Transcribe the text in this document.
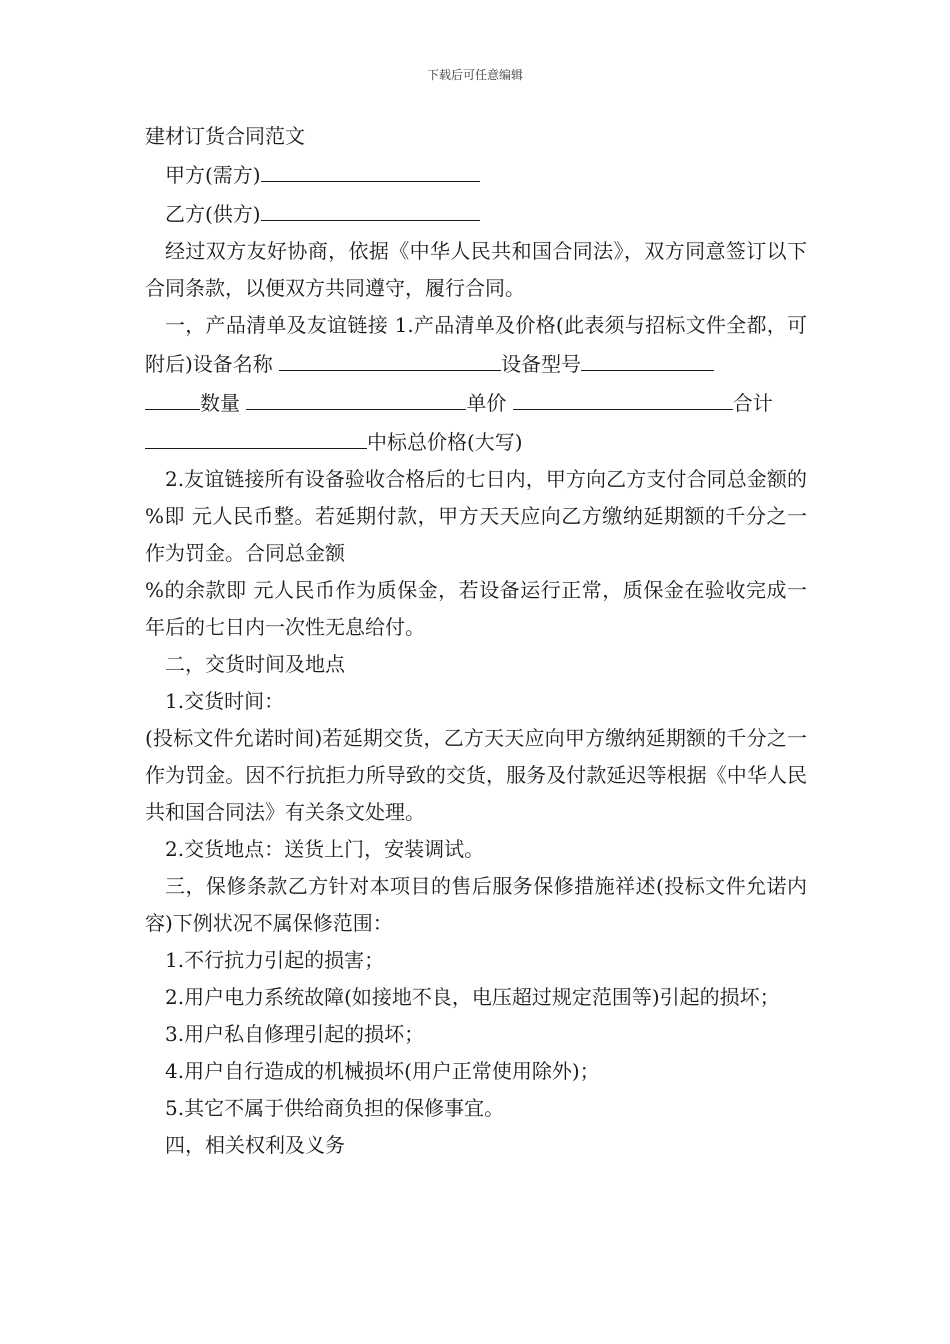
下载后可任意编辑

建材订货合同范文

甲方(需方)

乙方(供方)

经过双方友好协商，依据《中华人民共和国合同法》，双方同意签订以下合同条款，以便双方共同遵守，履行合同。

一，产品清单及友谊链接 1.产品清单及价格(此表须与招标文件全都，可附后)设备名称	设备型号

数量	单价	合计

中标总价格(大写)

2.友谊链接所有设备验收合格后的七日内，甲方向乙方支付合同总金额的 %即 元人民币整。若延期付款，甲方天天应向乙方缴纳延期额的千分之一作为罚金。合同总金额

%的余款即 元人民币作为质保金，若设备运行正常，质保金在验收完成一年后的七日内一次性无息给付。

二，交货时间及地点

1.交货时间：

(投标文件允诺时间)若延期交货，乙方天天应向甲方缴纳延期额的千分之一作为罚金。因不行抗拒力所导致的交货，服务及付款延迟等根据《中华人民共和国合同法》有关条文处理。

2.交货地点：送货上门，安装调试。

三，保修条款乙方针对本项目的售后服务保修措施祥述(投标文件允诺内容)下例状况不属保修范围：

1.不行抗力引起的损害；

2.用户电力系统故障(如接地不良，电压超过规定范围等)引起的损坏；

3.用户私自修理引起的损坏；

4.用户自行造成的机械损坏(用户正常使用除外)；

5.其它不属于供给商负担的保修事宜。

四，相关权利及义务
